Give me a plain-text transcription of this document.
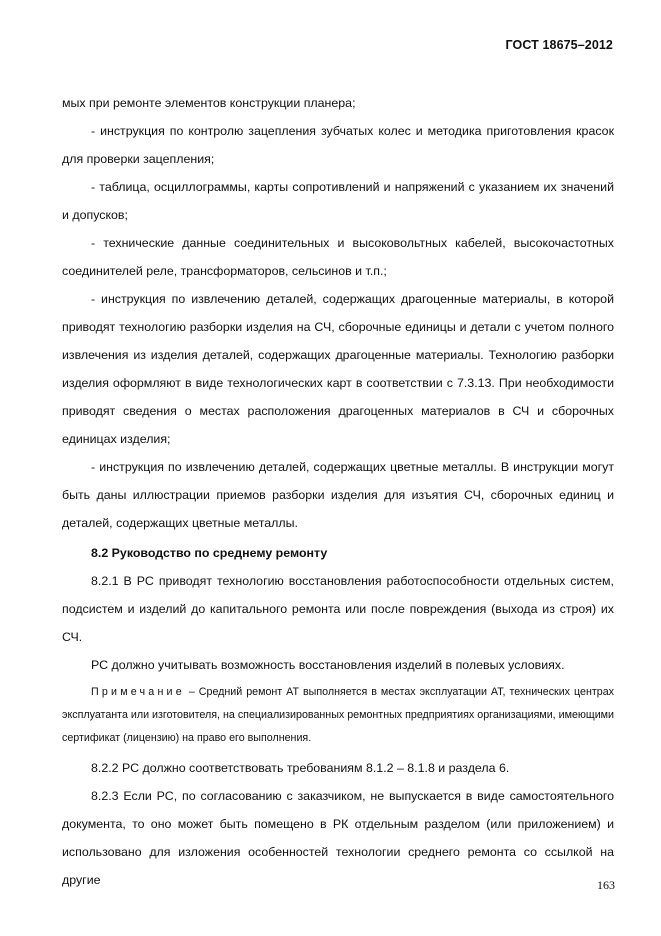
ГОСТ 18675–2012

мых при ремонте элементов конструкции планера;

- инструкция по контролю зацепления зубчатых колес и методика приготовления красок для проверки зацепления;

- таблица, осциллограммы, карты сопротивлений и напряжений с указанием их значений и допусков;

- технические данные соединительных и высоковольтных кабелей, высокочастотных соединителей реле, трансформаторов, сельсинов и т.п.;

- инструкция по извлечению деталей, содержащих драгоценные материалы, в которой приводят технологию разборки изделия на СЧ, сборочные единицы и детали с учетом полного извлечения из изделия деталей, содержащих драгоценные материалы. Технологию разборки изделия оформляют в виде технологических карт в соответствии с 7.3.13. При необходимости приводят сведения о местах расположения драгоценных материалов в СЧ и сборочных единицах изделия;

- инструкция по извлечению деталей, содержащих цветные металлы. В инструкции могут быть даны иллюстрации приемов разборки изделия для изъятия СЧ, сборочных единиц и деталей, содержащих цветные металлы.

8.2 Руководство по среднему ремонту

8.2.1 В РС приводят технологию восстановления работоспособности отдельных систем, подсистем и изделий до капитального ремонта или после повреждения (выхода из строя) их СЧ.

РС должно учитывать возможность восстановления изделий в полевых условиях.

Примечание – Средний ремонт АТ выполняется в местах эксплуатации АТ, технических центрах эксплуатанта или изготовителя, на специализированных ремонтных предприятиях организациями, имеющими сертификат (лицензию) на право его выполнения.

8.2.2 РС должно соответствовать требованиям 8.1.2 – 8.1.8 и раздела 6.

8.2.3 Если РС, по согласованию с заказчиком, не выпускается в виде самостоятельного документа, то оно может быть помещено в РК отдельным разделом (или приложением) и использовано для изложения особенностей технологии среднего ремонта со ссылкой на другие	163
